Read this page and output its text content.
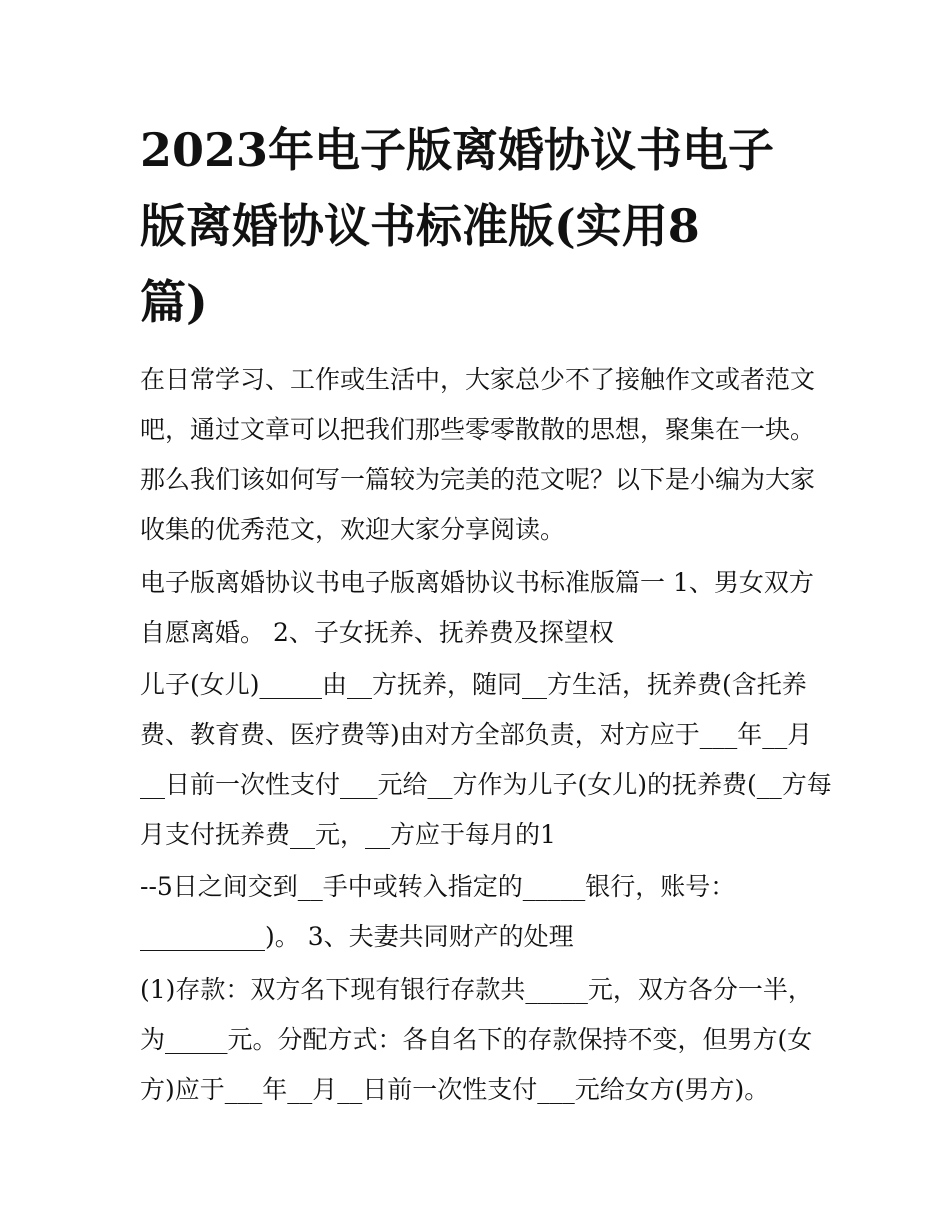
2023年电子版离婚协议书电子
版离婚协议书标准版(实用8
篇)

在日常学习、工作或生活中，大家总少不了接触作文或者范文

吧，通过文章可以把我们那些零零散散的思想，聚集在一块。

那么我们该如何写一篇较为完美的范文呢？以下是小编为大家

收集的优秀范文，欢迎大家分享阅读。

电子版离婚协议书电子版离婚协议书标准版篇一 1、男女双方

自愿离婚。 2、子女抚养、抚养费及探望权

儿子(女儿)_____由__方抚养，随同__方生活，抚养费(含托养

费、教育费、医疗费等)由对方全部负责，对方应于___年__月

__日前一次性支付___元给__方作为儿子(女儿)的抚养费(__方每

月支付抚养费__元，__方应于每月的1

--5日之间交到__手中或转入指定的_____银行，账号：

__________)。 3、夫妻共同财产的处理

(1)存款：双方名下现有银行存款共_____元，双方各分一半，

为_____元。分配方式：各自名下的存款保持不变，但男方(女

方)应于___年__月__日前一次性支付___元给女方(男方)。
